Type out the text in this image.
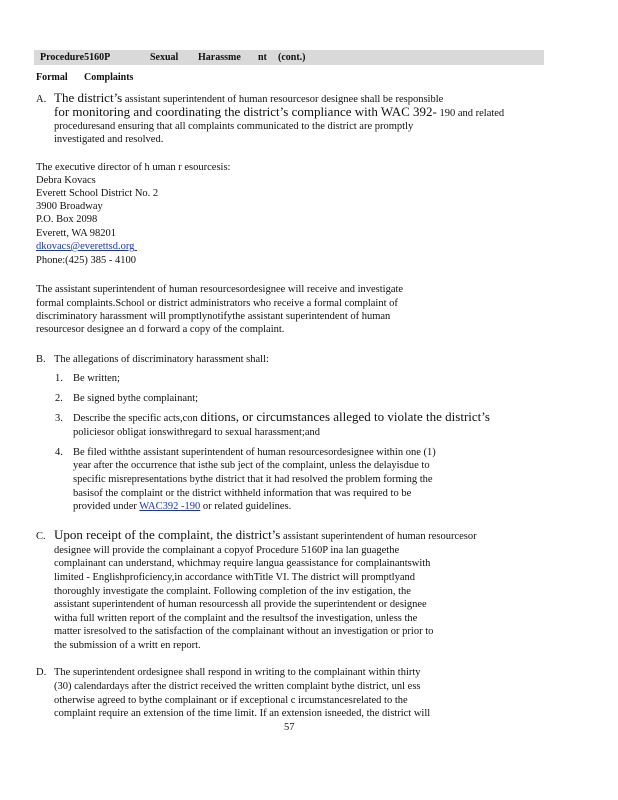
Procedure5160P	Sexual Harassme nt (cont.)
Formal Complaints
A. The district’s assistant superintendent of human resourcesor designee shall be responsible
for monitoring and coordinating the district’s compliance with WAC 392- 190 and related
proceduresand ensuring that all complaints communicated to the district are promptly
investigated and resolved.
The executive director of h uman r esourcesis:
Debra Kovacs
Everett School District No. 2
3900 Broadway
P.O. Box 2098
Everett, WA 98201
dkovacs@everettsd.org
Phone:(425) 385 - 4100
The assistant superintendent of human resourcesordesignee will receive and investigate
formal complaints.School or district administrators who receive a formal complaint of
discriminatory harassment will promptlynotifythe assistant superintendent of human
resourcesor designee an d forward a copy of the complaint.
B. The allegations of discriminatory harassment shall:
1. Be written;
2. Be signed bythe complainant;
3. Describe the specific acts,con ditions, or circumstances alleged to violate the district’s
policiesor obligat ionswithregard to sexual harassment;and
4. Be filed withthe assistant superintendent of human resourcesordesignee within one (1)
year after the occurrence that isthe sub ject of the complaint, unless the delayisdue to
specific misrepresentations bythe district that it had resolved the problem forming the
basisof the complaint or the district withheld information that was required to be
provided under WAC392 -190 or related guidelines.
C. Upon receipt of the complaint, the district’s assistant superintendent of human resourcesor
designee will provide the complainant a copyof Procedure 5160P ina lan guagethe
complainant can understand, whichmay require langua geassistance for complainantswith
limited - Englishproficiency,in accordance withTitle VI. The district will promptlyand
thoroughly investigate the complaint. Following completion of the inv estigation, the
assistant superintendent of human resourcessh all provide the superintendent or designee
witha full written report of the complaint and the resultsof the investigation, unless the
matter isresolved to the satisfaction of the complainant without an investigation or prior to
the submission of a writt en report.
D. The superintendent ordesignee shall respond in writing to the complainant within thirty
(30) calendardays after the district received the written complaint bythe district, unl ess
otherwise agreed to bythe complainant or if exceptional c ircumstancesrelated to the
complaint require an extension of the time limit. If an extension isneeded, the district will
57
